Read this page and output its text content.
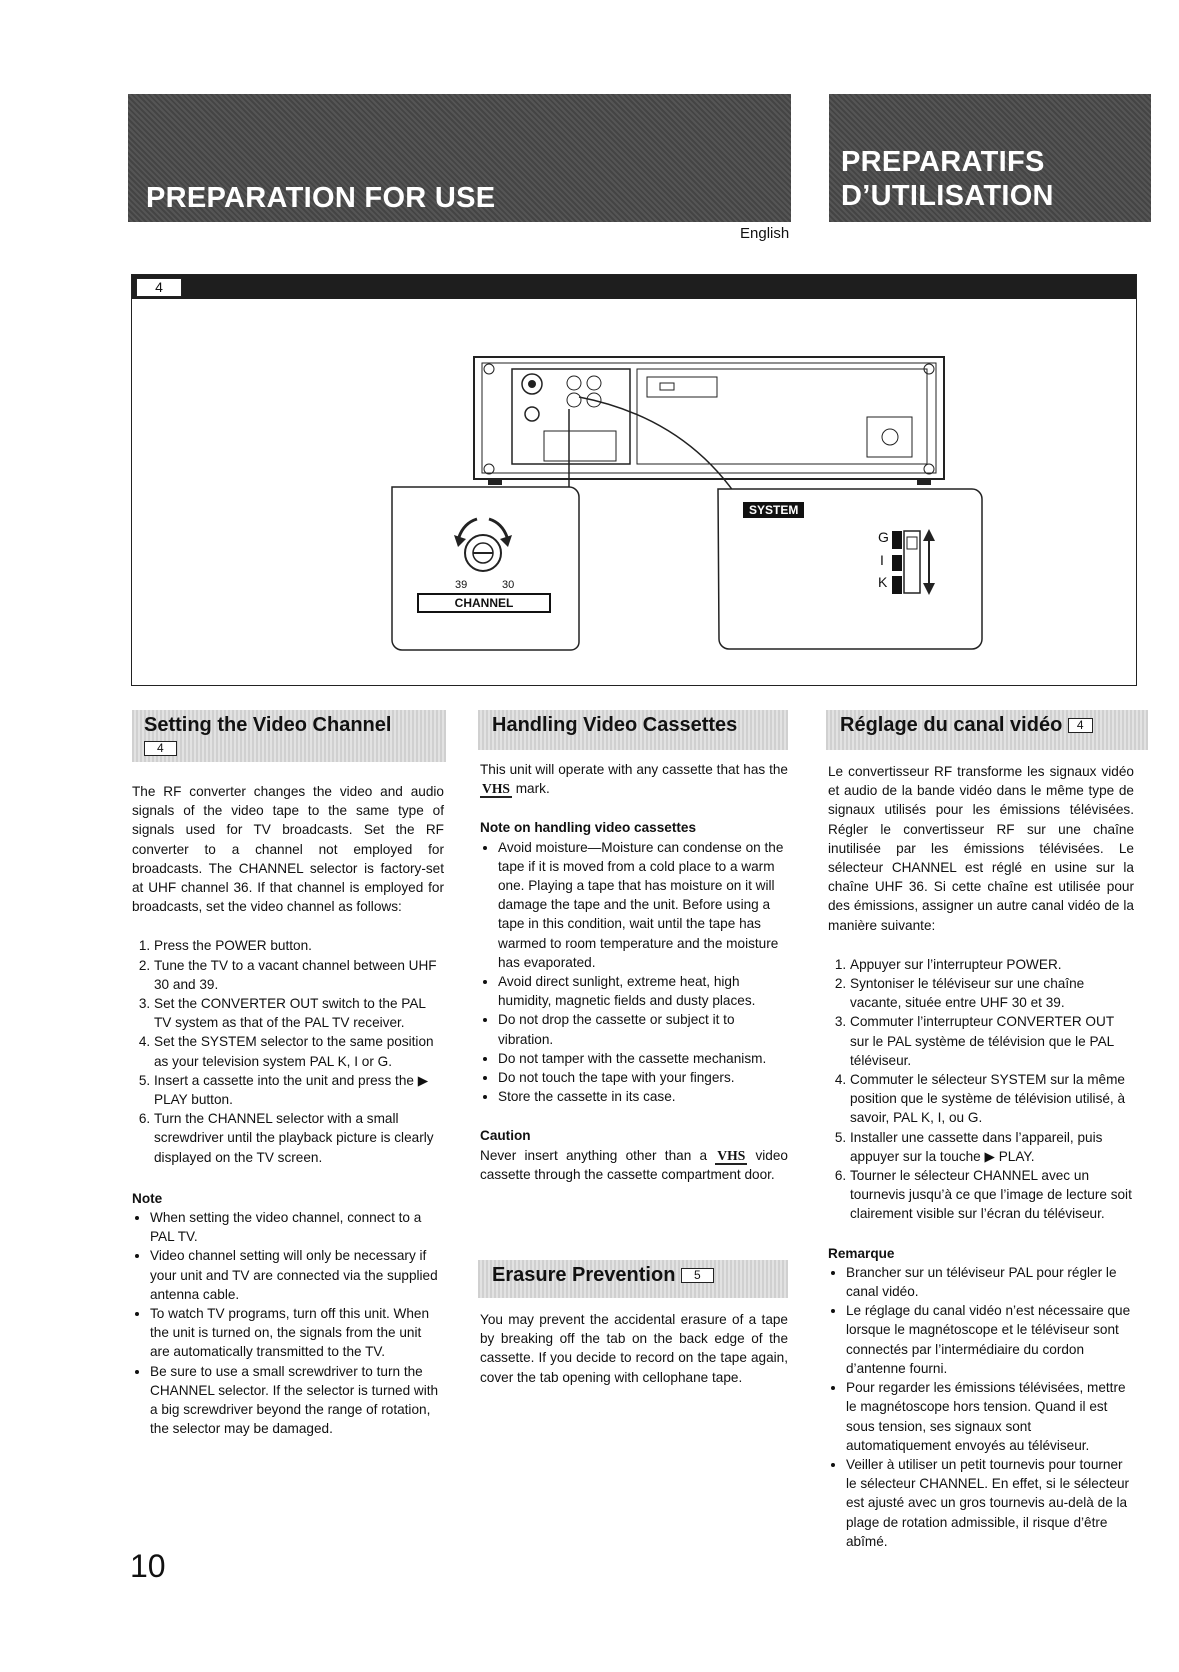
PREPARATION FOR USE
PREPARATIFS
D’UTILISATION
English
4
39	30
CHANNEL
SYSTEM
G
I
K
Setting the Video Channel
4

The RF converter changes the video and audio signals of the video tape to the same type of signals used for TV broadcasts. Set the RF converter to a channel not employed for broadcasts. The CHANNEL selector is factory-set at UHF channel 36. If that channel is employed for broadcasts, set the video channel as follows:

1. Press the POWER button.
2. Tune the TV to a vacant channel between UHF 30 and 39.
3. Set the CONVERTER OUT switch to the PAL TV system as that of the PAL TV receiver.
4. Set the SYSTEM selector to the same position as your television system PAL K, I or G.
5. Insert a cassette into the unit and press the ▶ PLAY button.
6. Turn the CHANNEL selector with a small screwdriver until the playback picture is clearly displayed on the TV screen.
Note
• When setting the video channel, connect to a PAL TV.
• Video channel setting will only be necessary if your unit and TV are connected via the supplied antenna cable.
• To watch TV programs, turn off this unit. When the unit is turned on, the signals from the unit are automatically transmitted to the TV.
• Be sure to use a small screwdriver to turn the CHANNEL selector. If the selector is turned with a big screwdriver beyond the range of rotation, the selector may be damaged.
Handling Video Cassettes

This unit will operate with any cassette that has the VHS mark.

Note on handling video cassettes
• Avoid moisture—Moisture can condense on the tape if it is moved from a cold place to a warm one. Playing a tape that has moisture on it will damage the tape and the unit. Before using a tape in this condition, wait until the tape has warmed to room temperature and the moisture has evaporated.
• Avoid direct sunlight, extreme heat, high humidity, magnetic fields and dusty places.
• Do not drop the cassette or subject it to vibration.
• Do not tamper with the cassette mechanism.
• Do not touch the tape with your fingers.
• Store the cassette in its case.
Caution

Never insert anything other than a VHS video cassette through the cassette compartment door.

Erasure Prevention 5

You may prevent the accidental erasure of a tape by breaking off the tab on the back edge of the cassette. If you decide to record on the tape again, cover the tab opening with cellophane tape.

Réglage du canal vidéo 4

Le convertisseur RF transforme les signaux vidéo et audio de la bande vidéo dans le même type de signaux utilisés pour les émissions télévisées. Régler le convertisseur RF sur une chaîne inutilisée par les émissions télévisées. Le sélecteur CHANNEL est réglé en usine sur la chaîne UHF 36. Si cette chaîne est utilisée pour des émissions, assigner un autre canal vidéo de la manière suivante:

1. Appuyer sur l’interrupteur POWER.
2. Syntoniser le téléviseur sur une chaîne vacante, située entre UHF 30 et 39.
3. Commuter l’interrupteur CONVERTER OUT sur le PAL système de télévision que le PAL téléviseur.
4. Commuter le sélecteur SYSTEM sur la même position que le système de télévision utilisé, à savoir, PAL K, I, ou G.
5. Installer une cassette dans l’appareil, puis appuyer sur la touche ▶ PLAY.
6. Tourner le sélecteur CHANNEL avec un tournevis jusqu’à ce que l’image de lecture soit clairement visible sur l’écran du téléviseur.
Remarque
• Brancher sur un téléviseur PAL pour régler le canal vidéo.
• Le réglage du canal vidéo n’est nécessaire que lorsque le magnétoscope et le téléviseur sont connectés par l’intermédiaire du cordon d’antenne fourni.
• Pour regarder les émissions télévisées, mettre le magnétoscope hors tension. Quand il est sous tension, ses signaux sont automatiquement envoyés au téléviseur.
• Veiller à utiliser un petit tournevis pour tourner le sélecteur CHANNEL. En effet, si le sélecteur est ajusté avec un gros tournevis au-delà de la plage de rotation admissible, il risque d’être abîmé.
10
